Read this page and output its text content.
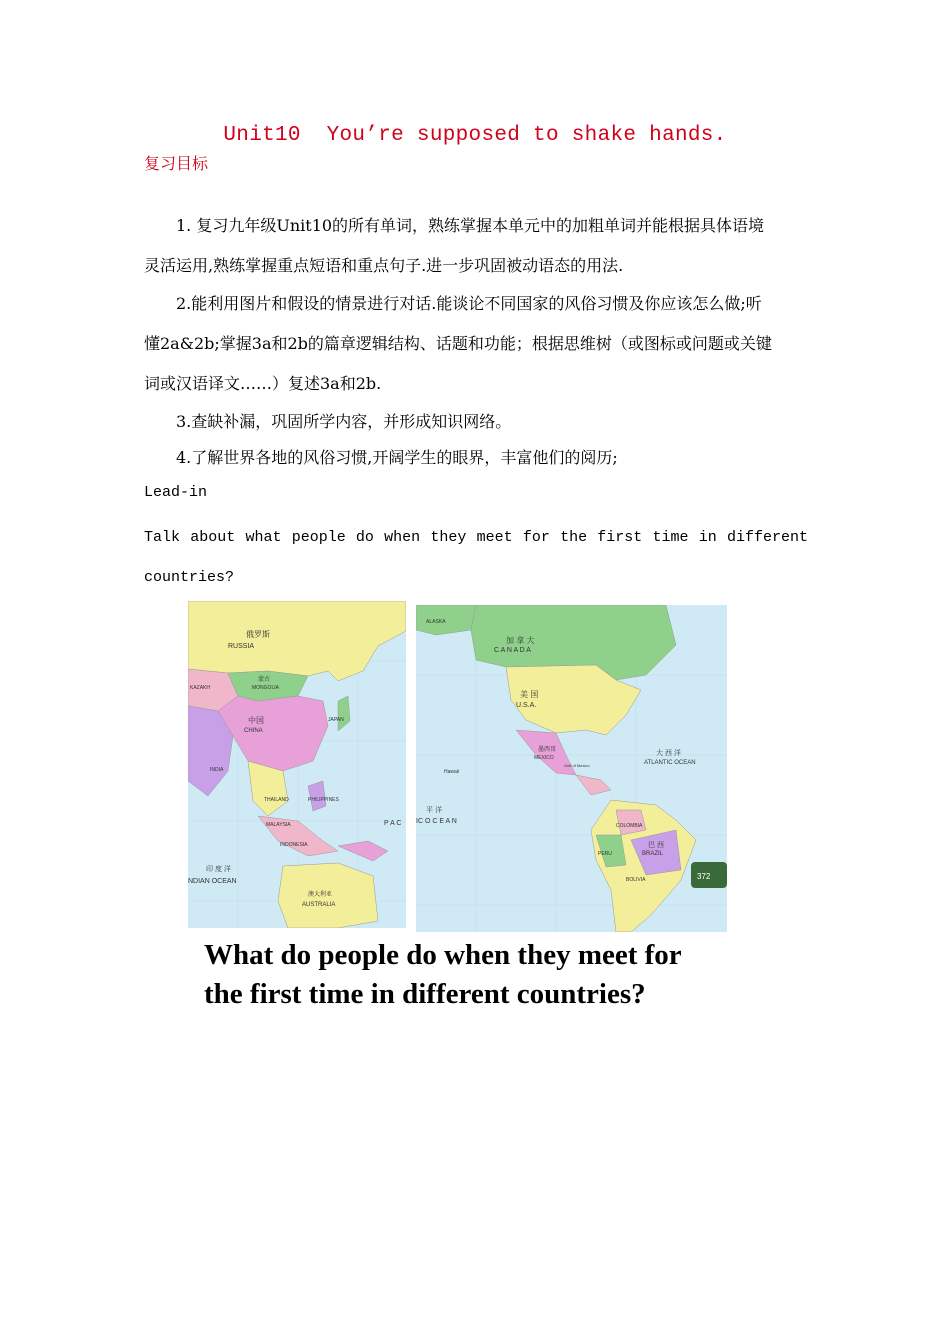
Unit10  You’re supposed to shake hands.
复习目标

1. 复习九年级Unit10的所有单词，熟练掌握本单元中的加粗单词并能根据具体语境

灵活运用,熟练掌握重点短语和重点句子.进一步巩固被动语态的用法.

2.能利用图片和假设的情景进行对话.能谈论不同国家的风俗习惯及你应该怎么做;听

懂2a&2b;掌握3a和2b的篇章逻辑结构、话题和功能；根据思维树（或图标或问题或关键

词或汉语译文……）复述3a和2b.

3.查缺补漏，巩固所学内容，并形成知识网络。

4.了解世界各地的风俗习惯,开阔学生的眼界，丰富他们的阅历;

Lead-in
Talk about what people do when they meet for the first time in different
countries?
俄罗斯
RUSSIA
KAZAKH
蒙古
MONGOLIA
中国
CHINA
INDIA
JAPAN
PHILIPPINES
THAILAND
MALAYSIA
INDONESIA
印 度 洋
NDIAN OCEAN
澳大利亚
AUSTRALIA
P A C
372
ALASKA
加 拿 大
C A N A D A
美 国
U.S.A.
墨西哥
MEXICO
Gulf of Mexico
大 西 洋
ATLANTIC OCEAN
平 洋
IC O C E A N
Hawaii
COLOMBIA
PERU
巴 西
BRAZIL
BOLIVIA
What do people do when they meet for
the first time in different countries?
